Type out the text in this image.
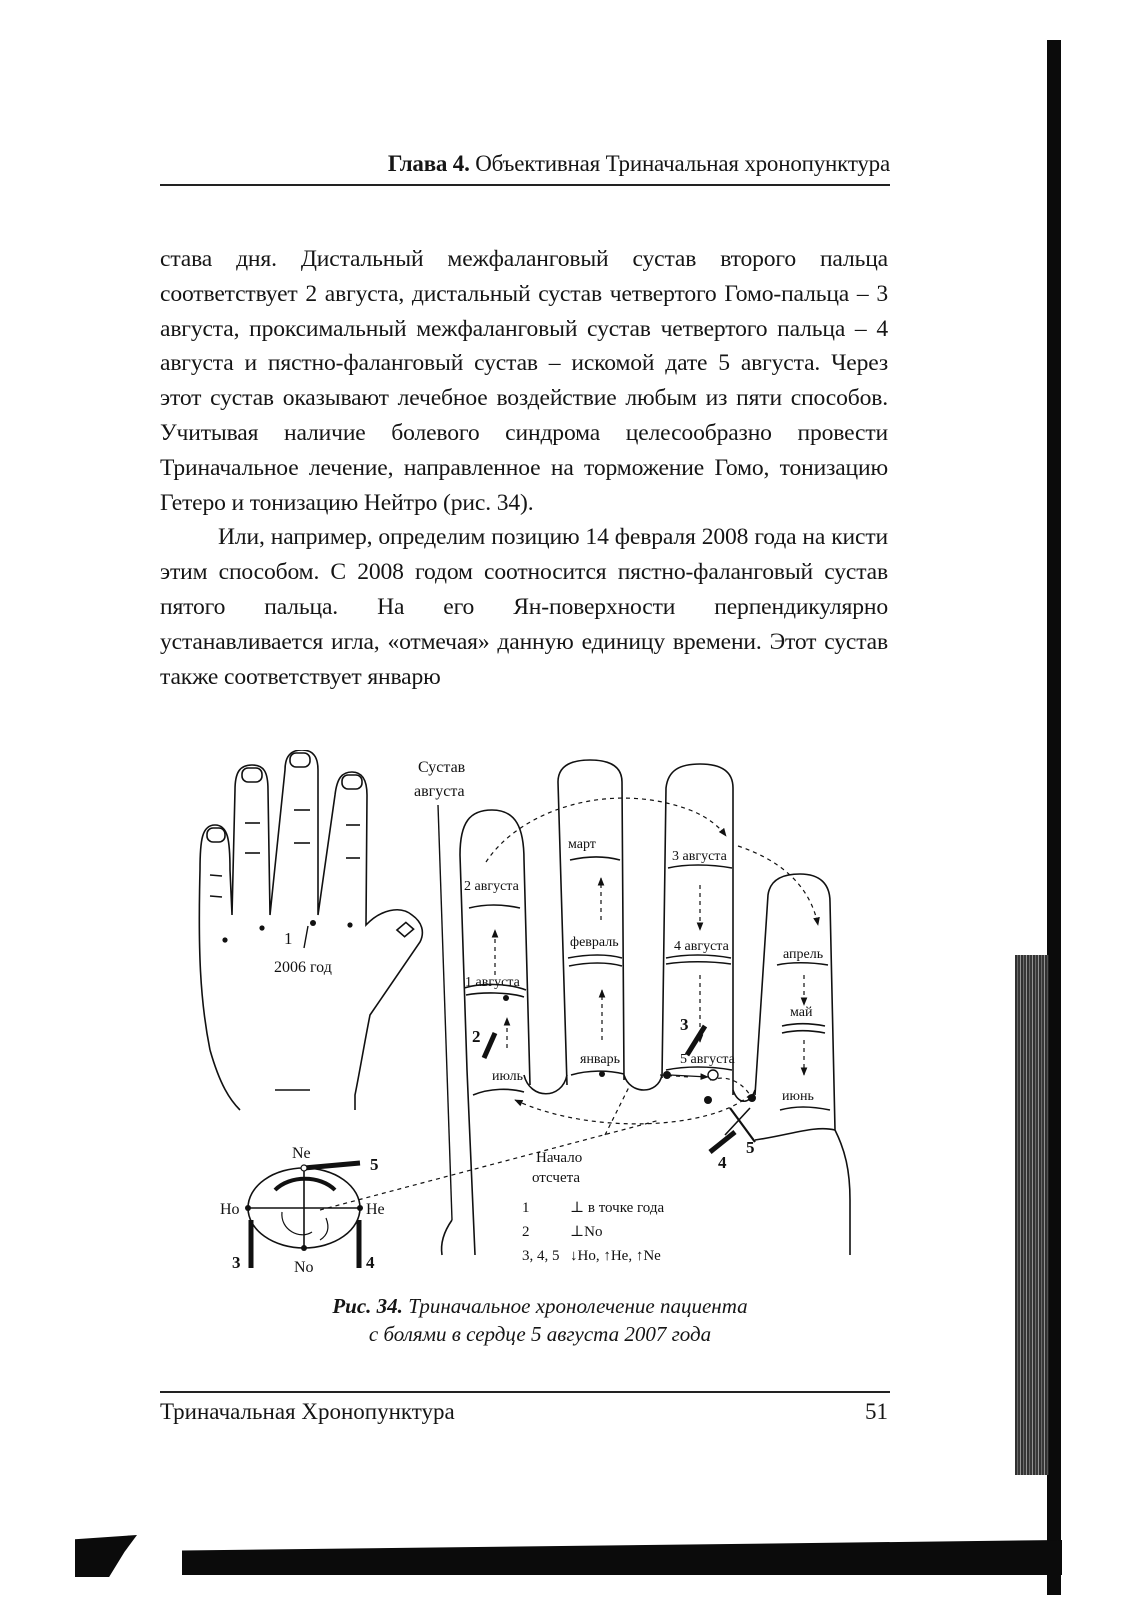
Глава 4. Объективная Триначальная хронопунктура

става дня. Дистальный межфаланговый сустав второго пальца соответствует 2 августа, дистальный сустав четвертого Гомо-пальца – 3 августа, проксимальный межфаланговый сустав четвертого пальца – 4 августа и пястно-фаланговый сустав – искомой дате 5 августа. Через этот сустав оказывают лечебное воздействие любым из пяти способов. Учитывая наличие болевого синдрома целесообразно провести Триначальное лечение, направленное на торможение Гомо, тонизацию Гетеро и тонизацию Нейтро (рис. 34).

Или, например, определим позицию 14 февраля 2008 года на кисти этим способом. С 2008 годом соотносится пястно-фаланговый сустав пятого пальца. На его Ян-поверхности перпендикулярно устанавливается игла, «отмечая» данную единицу времени. Этот сустав также соответствует январю

1
2006 год
Сустав
августа
март
3 августа
2 августа
февраль	4 августа
апрель
1 августа
май
январь	5 августа
июль
июнь
2
3
4
5
Начало
отсчета
Ne
Ho	He
No
5
3	4
1	⊥ в точке года
2	⊥No
3, 4, 5 ↓Ho, ↑He, ↑Ne
Рис. 34. Триначальное хронолечение пациента
с болями в сердце 5 августа 2007 года
Триначальная Хронопунктура	51
